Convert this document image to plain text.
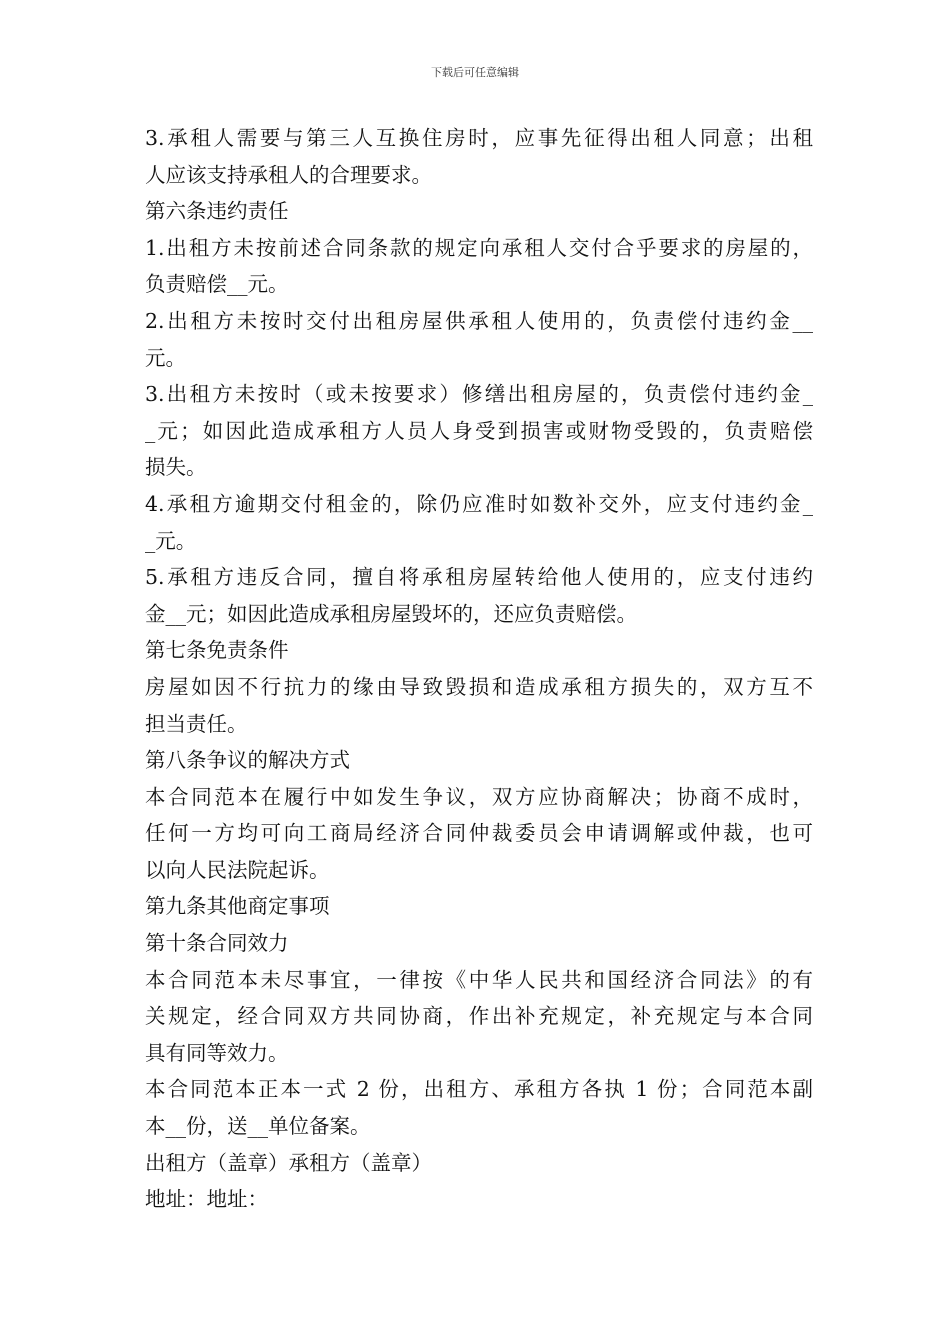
下载后可任意编辑
3.承租人需要与第三人互换住房时，应事先征得出租人同意；出租
人应该支持承租人的合理要求。
第六条违约责任
1.出租方未按前述合同条款的规定向承租人交付合乎要求的房屋的，
负责赔偿__元。
2.出租方未按时交付出租房屋供承租人使用的，负责偿付违约金__
元。
3.出租方未按时（或未按要求）修缮出租房屋的，负责偿付违约金_
_元；如因此造成承租方人员人身受到损害或财物受毁的，负责赔偿
损失。
4.承租方逾期交付租金的，除仍应准时如数补交外，应支付违约金_
_元。
5.承租方违反合同，擅自将承租房屋转给他人使用的，应支付违约
金__元；如因此造成承租房屋毁坏的，还应负责赔偿。
第七条免责条件
房屋如因不行抗力的缘由导致毁损和造成承租方损失的，双方互不
担当责任。
第八条争议的解决方式
本合同范本在履行中如发生争议，双方应协商解决；协商不成时，
任何一方均可向工商局经济合同仲裁委员会申请调解或仲裁，也可
以向人民法院起诉。
第九条其他商定事项
第十条合同效力
本合同范本未尽事宜，一律按《中华人民共和国经济合同法》的有
关规定，经合同双方共同协商，作出补充规定，补充规定与本合同
具有同等效力。
本合同范本正本一式 2 份，出租方、承租方各执 1 份；合同范本副
本__份，送__单位备案。
出租方（盖章）承租方（盖章）
地址：地址：
